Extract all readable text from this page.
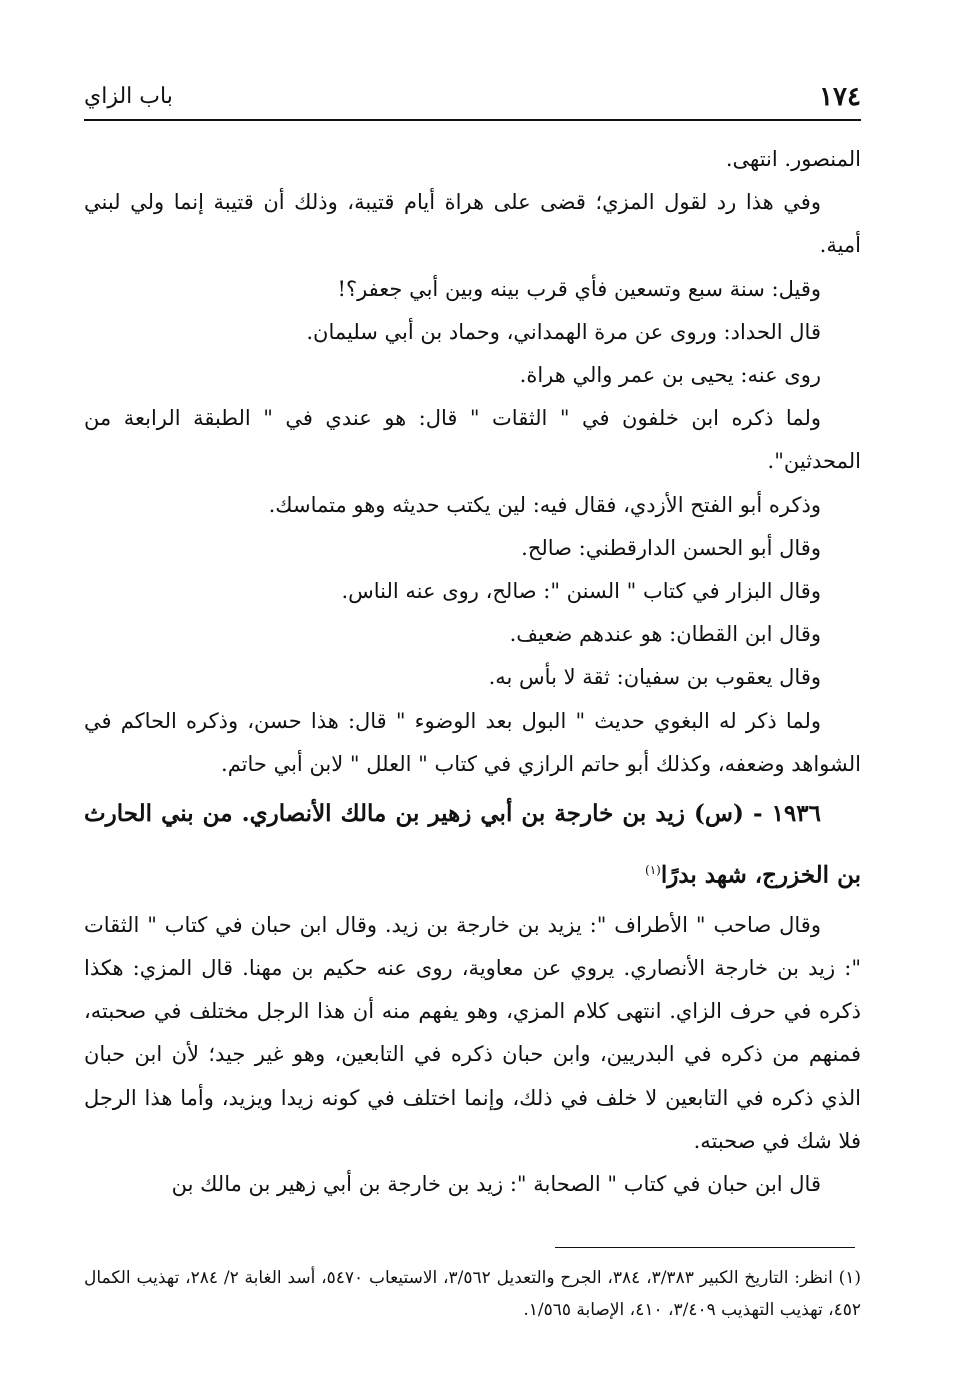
١٧٤
باب الزاي

المنصور. انتهى.

وفي هذا رد لقول المزي؛ قضى على هراة أيام قتيبة، وذلك أن قتيبة إنما ولي لبني أمية.

وقيل: سنة سبع وتسعين فأي قرب بينه وبين أبي جعفر؟!

قال الحداد: وروى عن مرة الهمداني، وحماد بن أبي سليمان.

روى عنه: يحيى بن عمر والي هراة.

ولما ذكره ابن خلفون في " الثقات " قال: هو عندي في " الطبقة الرابعة من المحدثين".

وذكره أبو الفتح الأزدي، فقال فيه: لين يكتب حديثه وهو متماسك.

وقال أبو الحسن الدارقطني: صالح.

وقال البزار في كتاب " السنن ": صالح، روى عنه الناس.

وقال ابن القطان: هو عندهم ضعيف.

وقال يعقوب بن سفيان: ثقة لا بأس به.

ولما ذكر له البغوي حديث " البول بعد الوضوء " قال: هذا حسن، وذكره الحاكم في الشواهد وضعفه، وكذلك أبو حاتم الرازي في كتاب " العلل " لابن أبي حاتم.

١٩٣٦ - (س) زيد بن خارجة بن أبي زهير بن مالك الأنصاري. من بني الحارث بن الخزرج، شهد بدرًا$^{(١)}$

وقال صاحب " الأطراف ": يزيد بن خارجة بن زيد. وقال ابن حبان في كتاب " الثقات ": زيد بن خارجة الأنصاري. يروي عن معاوية، روى عنه حكيم بن مهنا. قال المزي: هكذا ذكره في حرف الزاي. انتهى كلام المزي، وهو يفهم منه أن هذا الرجل مختلف في صحبته، فمنهم من ذكره في البدريين، وابن حبان ذكره في التابعين، وهو غير جيد؛ لأن ابن حبان الذي ذكره في التابعين لا خلف في ذلك، وإنما اختلف في كونه زيدا ويزيد، وأما هذا الرجل فلا شك في صحبته.

قال ابن حبان في كتاب " الصحابة ": زيد بن خارجة بن أبي زهير بن مالك بن

(١) انظر: التاريخ الكبير ٣/٣٨٣، ٣٨٤، الجرح والتعديل ٣/٥٦٢، الاستيعاب ٥٤٧٠، أسد الغابة ٢/ ٢٨٤، تهذيب الكمال ٤٥٢، تهذيب التهذيب ٣/٤٠٩، ٤١٠، الإصابة ١/٥٦٥.
